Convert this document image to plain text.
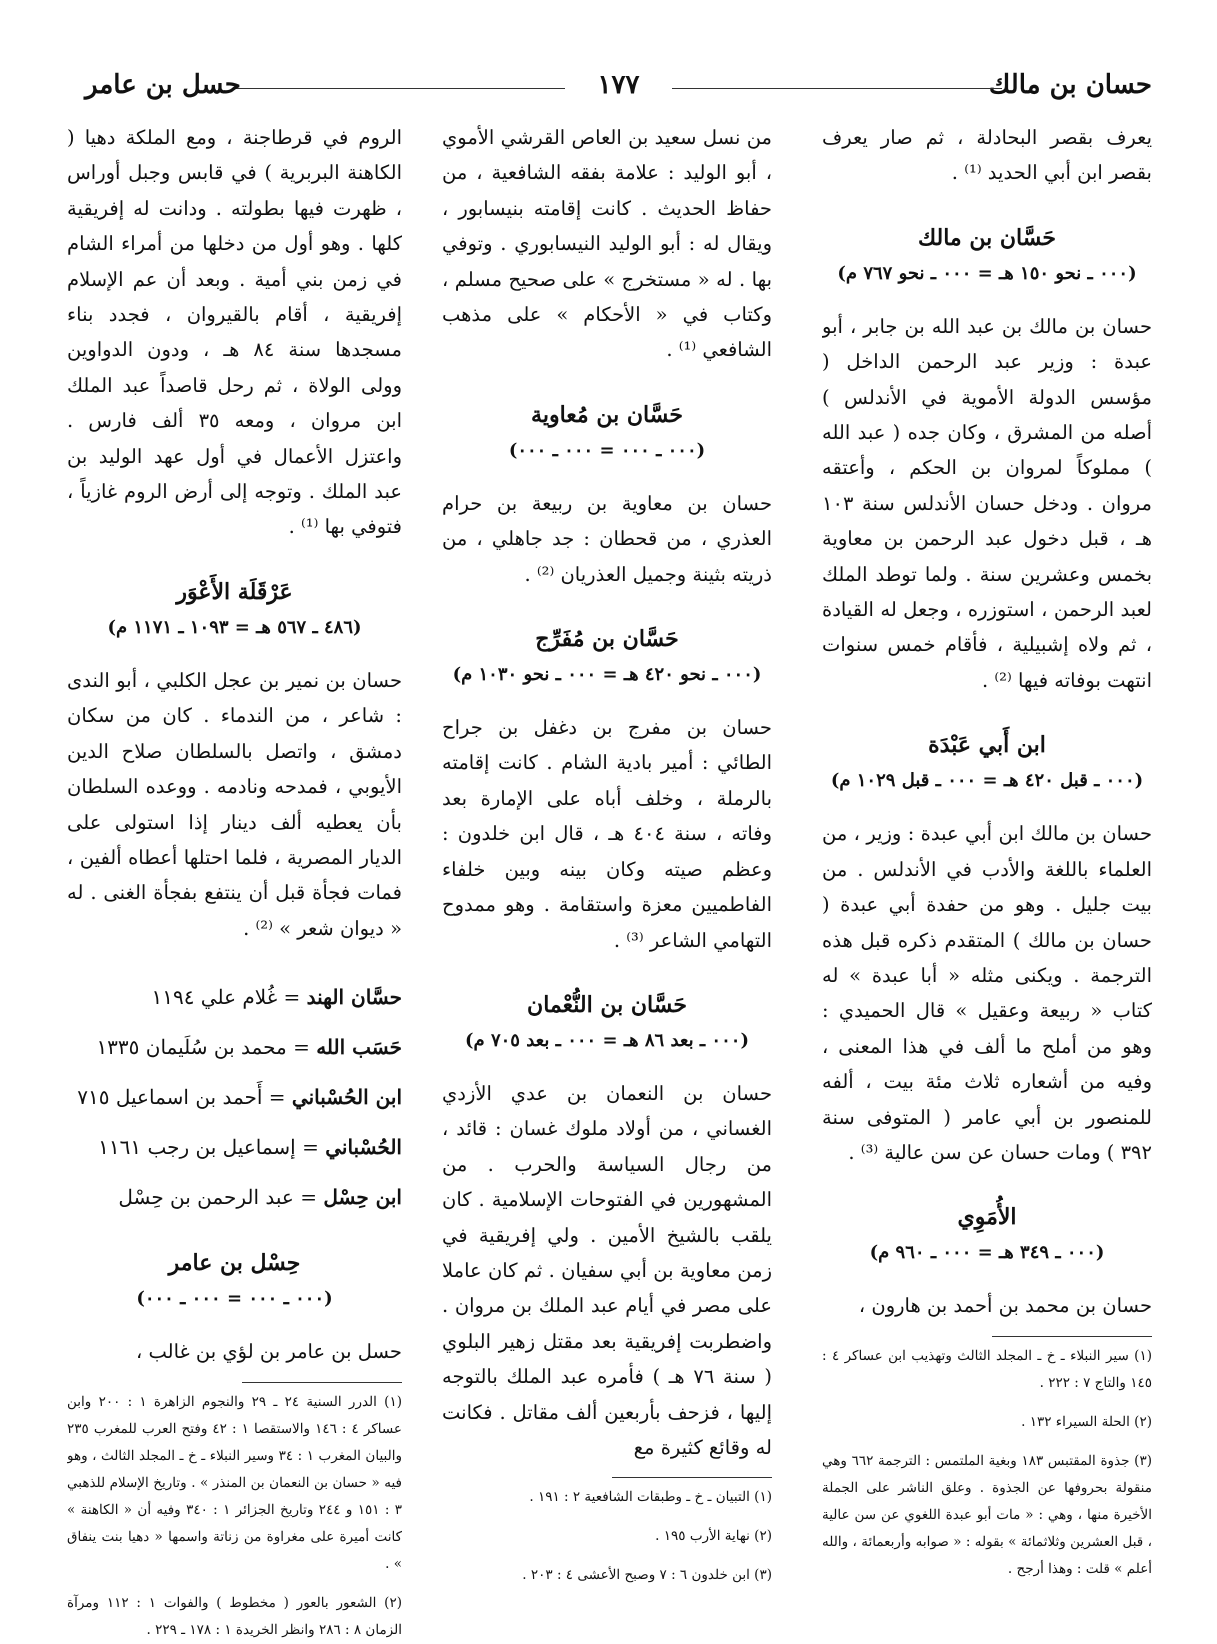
حسان بن مالك
١٧٧
حسل بن عامر

يعرف بقصر البحادلة ، ثم صار يعرف بقصر ابن أبي الحديد ⁽¹⁾ .

حَسَّان بن مالك
(٠٠٠ ـ نحو ١٥٠ هـ = ٠٠٠ ـ نحو ٧٦٧ م)

حسان بن مالك بن عبد الله بن جابر ، أبو عبدة : وزير عبد الرحمن الداخل ( مؤسس الدولة الأموية في الأندلس ) أصله من المشرق ، وكان جده ( عبد الله ) مملوكاً لمروان بن الحكم ، وأعتقه مروان . ودخل حسان الأندلس سنة ١٠٣ هـ ، قبل دخول عبد الرحمن بن معاوية بخمس وعشرين سنة . ولما توطد الملك لعبد الرحمن ، استوزره ، وجعل له القيادة ، ثم ولاه إشبيلية ، فأقام خمس سنوات انتهت بوفاته فيها ⁽²⁾ .

ابن أَبي عَبْدَة
(٠٠٠ ـ قبل ٤٢٠ هـ = ٠٠٠ ـ قبل ١٠٢٩ م)

حسان بن مالك ابن أبي عبدة : وزير ، من العلماء باللغة والأدب في الأندلس . من بيت جليل . وهو من حفدة أبي عبدة ( حسان بن مالك ) المتقدم ذكره قبل هذه الترجمة . ويكنى مثله « أبا عبدة » له كتاب « ربيعة وعقيل » قال الحميدي : وهو من أملح ما ألف في هذا المعنى ، وفيه من أشعاره ثلاث مئة بيت ، ألفه للمنصور بن أبي عامر ( المتوفى سنة ٣٩٢ ) ومات حسان عن سن عالية ⁽³⁾ .

الأُمَوِي
(٠٠٠ ـ ٣٤٩ هـ = ٠٠٠ ـ ٩٦٠ م)

حسان بن محمد بن أحمد بن هارون ،

(١) سير النبلاء ـ خ ـ المجلد الثالث وتهذيب ابن عساكر ٤ : ١٤٥ والتاج ٧ : ٢٢٢ .

(٢) الحلة السيراء ١٣٢ .

(٣) جذوة المقتبس ١٨٣ وبغية الملتمس : الترجمة ٦٦٢ وهي منقولة بحروفها عن الجذوة . وعلق الناشر على الجملة الأخيرة منها ، وهي : « مات أبو عبدة اللغوي عن سن عالية ، قبل العشرين وثلاثمائة » بقوله : « صوابه وأربعمائة ، والله أعلم » قلت : وهذا أرجح .

من نسل سعيد بن العاص القرشي الأموي ، أبو الوليد : علامة بفقه الشافعية ، من حفاظ الحديث . كانت إقامته بنيسابور ، ويقال له : أبو الوليد النيسابوري . وتوفي بها . له « مستخرج » على صحيح مسلم ، وكتاب في « الأحكام » على مذهب الشافعي ⁽¹⁾ .

حَسَّان بن مُعاوية
(٠٠٠ ـ ٠٠٠ = ٠٠٠ ـ ٠٠٠)

حسان بن معاوية بن ربيعة بن حرام العذري ، من قحطان : جد جاهلي ، من ذريته بثينة وجميل العذريان ⁽²⁾ .

حَسَّان بن مُفَرِّج
(٠٠٠ ـ نحو ٤٢٠ هـ = ٠٠٠ ـ نحو ١٠٣٠ م)

حسان بن مفرج بن دغفل بن جراح الطائي : أمير بادية الشام . كانت إقامته بالرملة ، وخلف أباه على الإمارة بعد وفاته ، سنة ٤٠٤ هـ ، قال ابن خلدون : وعظم صيته وكان بينه وبين خلفاء الفاطميين معزة واستقامة . وهو ممدوح التهامي الشاعر ⁽³⁾ .

حَسَّان بن النُّعْمان
(٠٠٠ ـ بعد ٨٦ هـ = ٠٠٠ ـ بعد ٧٠٥ م)

حسان بن النعمان بن عدي الأزدي الغساني ، من أولاد ملوك غسان : قائد ، من رجال السياسة والحرب . من المشهورين في الفتوحات الإسلامية . كان يلقب بالشيخ الأمين . ولي إفريقية في زمن معاوية بن أبي سفيان . ثم كان عاملا على مصر في أيام عبد الملك بن مروان . واضطربت إفريقية بعد مقتل زهير البلوي ( سنة ٧٦ هـ ) فأمره عبد الملك بالتوجه إليها ، فزحف بأربعين ألف مقاتل . فكانت له وقائع كثيرة مع

(١) التبيان ـ خ ـ وطبقات الشافعية ٢ : ١٩١ .

(٢) نهاية الأرب ١٩٥ .

(٣) ابن خلدون ٦ : ٧ وصبح الأعشى ٤ : ٢٠٣ .

الروم في قرطاجنة ، ومع الملكة دهيا ( الكاهنة البربرية ) في قابس وجبل أوراس ، ظهرت فيها بطولته . ودانت له إفريقية كلها . وهو أول من دخلها من أمراء الشام في زمن بني أمية . وبعد أن عم الإسلام إفريقية ، أقام بالقيروان ، فجدد بناء مسجدها سنة ٨٤ هـ ، ودون الدواوين وولى الولاة ، ثم رحل قاصداً عبد الملك ابن مروان ، ومعه ٣٥ ألف فارس . واعتزل الأعمال في أول عهد الوليد بن عبد الملك . وتوجه إلى أرض الروم غازياً ، فتوفي بها ⁽¹⁾ .

عَرْقَلَة الأَعْوَر
(٤٨٦ ـ ٥٦٧ هـ = ١٠٩٣ ـ ١١٧١ م)

حسان بن نمير بن عجل الكلبي ، أبو الندى : شاعر ، من الندماء . كان من سكان دمشق ، واتصل بالسلطان صلاح الدين الأيوبي ، فمدحه ونادمه . ووعده السلطان بأن يعطيه ألف دينار إذا استولى على الديار المصرية ، فلما احتلها أعطاه ألفين ، فمات فجأة قبل أن ينتفع بفجأة الغنى . له « ديوان شعر » ⁽²⁾ .

حسَّان الهند = غُلام علي ١١٩٤

حَسَب الله = محمد بن سُلَيمان ١٣٣٥

ابن الحُسْباني = أَحمد بن اسماعيل ٧١٥

الحُسْباني = إسماعيل بن رجب ١١٦١

ابن حِسْل = عبد الرحمن بن حِسْل

حِسْل بن عامر
(٠٠٠ ـ ٠٠٠ = ٠٠٠ ـ ٠٠٠)

حسل بن عامر بن لؤي بن غالب ،

(١) الدرر السنية ٢٤ ـ ٢٩ والنجوم الزاهرة ١ : ٢٠٠ وابن عساكر ٤ : ١٤٦ والاستقصا ١ : ٤٢ وفتح العرب للمغرب ٢٣٥ والبيان المغرب ١ : ٣٤ وسير النبلاء ـ خ ـ المجلد الثالث ، وهو فيه « حسان بن النعمان بن المنذر » . وتاريخ الإسلام للذهبي ٣ : ١٥١ و ٢٤٤ وتاريخ الجزائر ١ : ٣٤٠ وفيه أن « الكاهنة » كانت أميرة على مغراوة من زناتة واسمها « دهيا بنت ينفاق » .

(٢) الشعور بالعور ( مخطوط ) والفوات ١ : ١١٢ ومرآة الزمان ٨ : ٢٨٦ وانظر الخريدة ١ : ١٧٨ ـ ٢٢٩ .
